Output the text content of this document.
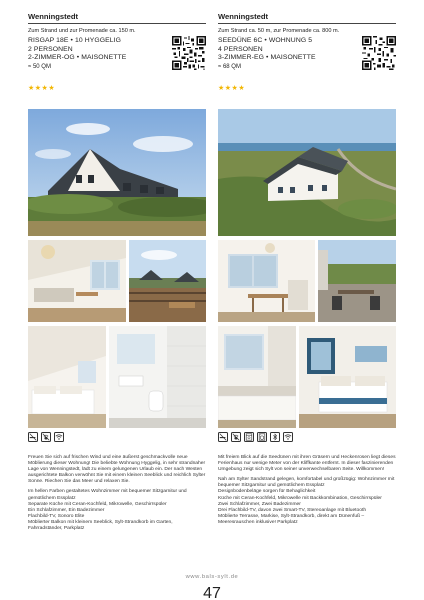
Wenningstedt
Zum Strand und zur Promenade ca. 150 m.
RISGAP 18E • 10 HYGGELIG
2 PERSONEN
2-ZIMMER-OG • MAISONETTE
≈ 50 QM
★★★★

Freuen Sie sich auf frischen Wind und eine äußerst geschmackvolle neue Möblierung dieser Wohnung! Die beliebte Wohnung Hyggelig, in sehr strandnaher Lage von Wenningstedt, lädt zu einem gelungenen Urlaub ein. Der nach Westen ausgerichtete Balkon verwöhnt Sie mit einem kleinen Seeblick und reichlich Sylter Sonne. Riechen Sie das Meer und relaxen Sie.

Im hellen Farben gestaltetes Wohnzimmer mit bequemer Sitzgarnitur und gemütlichem Essplatz
Separate Küche mit Ceran-Kochfeld, Mikrowelle, Geschirrspüler
Ein Schlafzimmer, Ein Badezimmer
Flachbild-TV, Sonoro Elite
Möblierter Balkon mit kleinem Seeblick, Sylt-Strandkorb im Garten, Fahrradständer, Parkplatz
Wenningstedt
Zum Strand ca. 50 m, zur Promenade ca. 800 m.
SEEDÜNE 6C • WOHNUNG 5
4 PERSONEN
3-ZIMMER-EG • MAISONETTE
≈ 68 QM
★★★★

Mit freiem Blick auf die Seedünen mit ihren Gräsern und Heckenrosen liegt dieses Ferienhaus nur wenige Meter von der Kliffkante entfernt. In dieser faszinierenden Umgebung zeigt sich Sylt von seiner unverwechselbaren Seite. Willkommen!

Nah am Sylter Sandstrand gelegen, komfortabel und großzügig: Wohnzimmer mit bequemer Sitzgarnitur und gemütlichem Essplatz
Designbodenbeläge sorgen für Behaglichkeit
Küche mit Ceran-Kochfeld, Mikrowelle mit Backkombination, Geschirrspüler
Zwei Schlafzimmer, Zwei Badezimmer
Drei Flachbild-TV, davon zwei Smart-TV, Stereoanlage mit Bluetooth
Möblierte Terrasse, Markise, Sylt-Strandkorb, direkt am Dünenfuß – Meeresrauschen inklusive! Parkplatz
www.bals-sylt.de
47
